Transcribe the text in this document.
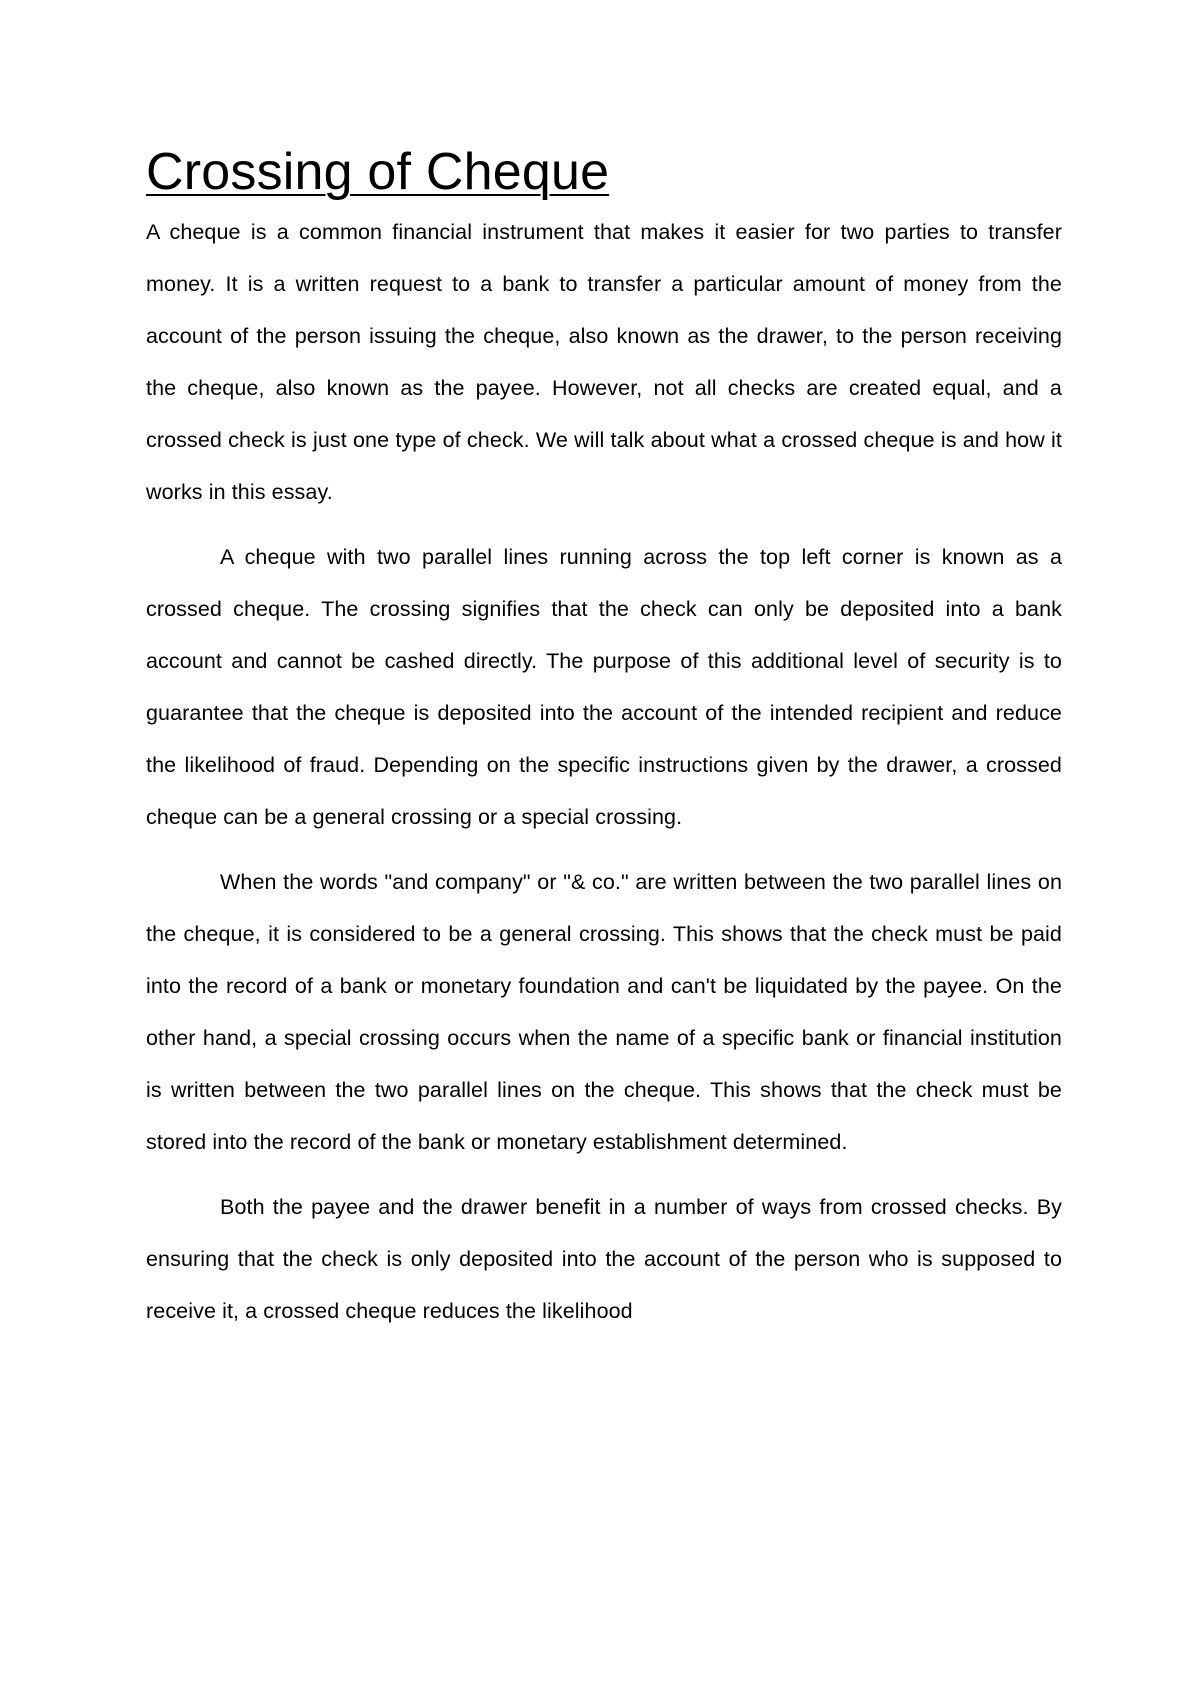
Crossing of Cheque

A cheque is a common financial instrument that makes it easier for two parties to transfer money. It is a written request to a bank to transfer a particular amount of money from the account of the person issuing the cheque, also known as the drawer, to the person receiving the cheque, also known as the payee. However, not all checks are created equal, and a crossed check is just one type of check. We will talk about what a crossed cheque is and how it works in this essay.

A cheque with two parallel lines running across the top left corner is known as a crossed cheque. The crossing signifies that the check can only be deposited into a bank account and cannot be cashed directly. The purpose of this additional level of security is to guarantee that the cheque is deposited into the account of the intended recipient and reduce the likelihood of fraud. Depending on the specific instructions given by the drawer, a crossed cheque can be a general crossing or a special crossing.

When the words "and company" or "& co." are written between the two parallel lines on the cheque, it is considered to be a general crossing. This shows that the check must be paid into the record of a bank or monetary foundation and can't be liquidated by the payee. On the other hand, a special crossing occurs when the name of a specific bank or financial institution is written between the two parallel lines on the cheque. This shows that the check must be stored into the record of the bank or monetary establishment determined.

Both the payee and the drawer benefit in a number of ways from crossed checks. By ensuring that the check is only deposited into the account of the person who is supposed to receive it, a crossed cheque reduces the likelihood
